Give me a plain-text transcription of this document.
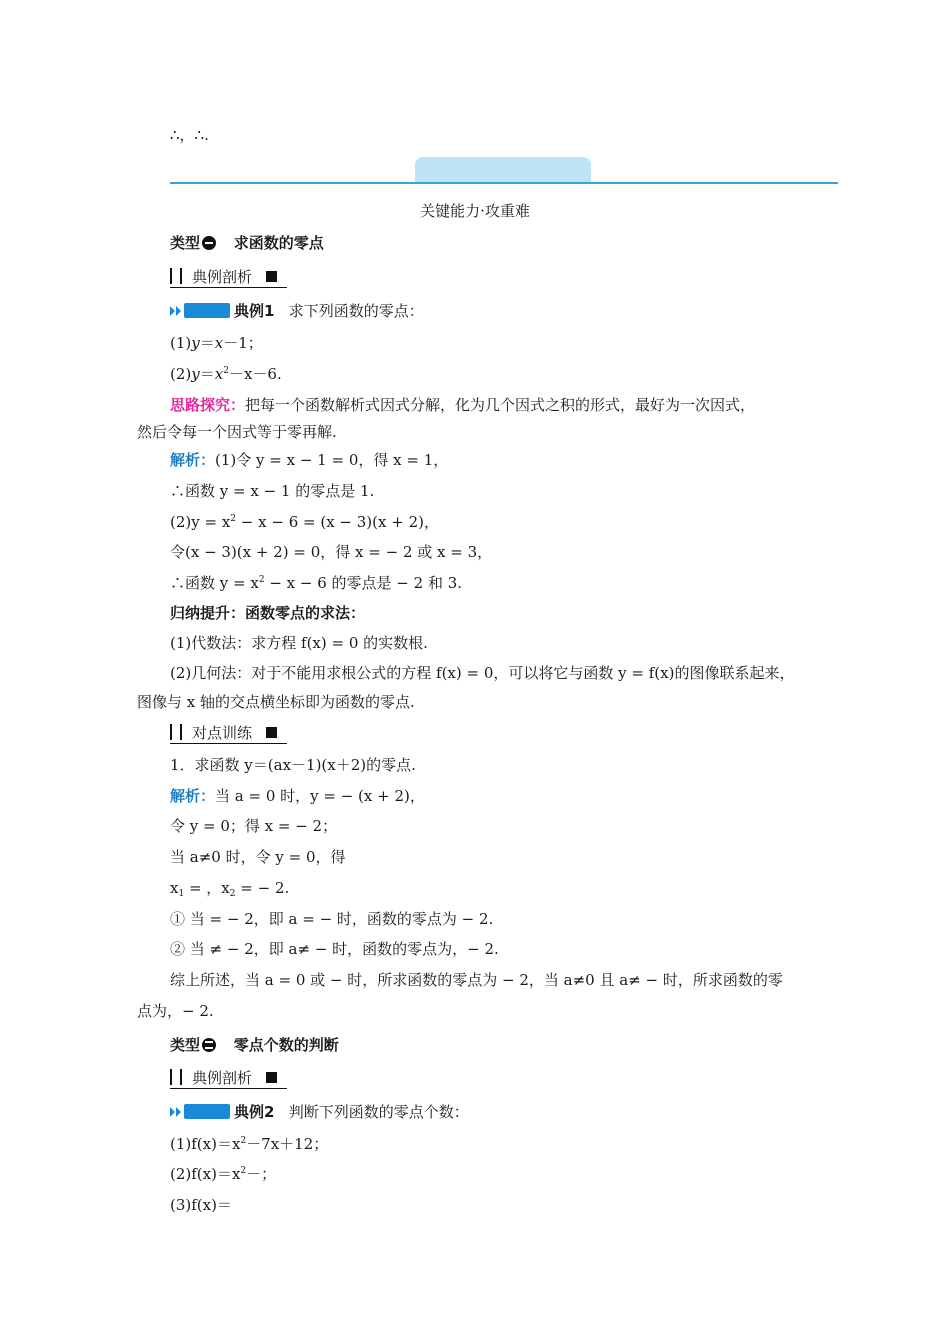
∴，∴.
关键能力·攻重难
类型 求函数的零点
典例剖析
典例1 求下列函数的零点：
(1)y＝x－1；
$(2)y=x^2-x-6$.
思路探究：把每一个函数解析式因式分解，化为几个因式之积的形式，最好为一次因式，
然后令每一个因式等于零再解.
解析：(1)令 y = x − 1 = 0，得 x = 1，
∴函数 y = x − 1 的零点是 1.
$(2)y = x^2 - x - 6 = (x - 3)(x + 2)$，
令(x − 3)(x + 2) = 0，得 x = − 2 或 x = 3，
∴函数 $y = x^2 - x - 6$ 的零点是 − 2 和 3.
归纳提升：函数零点的求法：
(1)代数法：求方程 f(x) = 0 的实数根.
(2)几何法：对于不能用求根公式的方程 f(x) = 0，可以将它与函数 y = f(x)的图像联系起来，
图像与 x 轴的交点横坐标即为函数的零点.
对点训练
1．求函数 y＝(ax－1)(x＋2)的零点.
解析：当 a = 0 时，y = − (x + 2)，
令 y = 0；得 x = − 2；
当 a≠0 时，令 y = 0，得
$x_1$ = ，$x_2$ = − 2.
① 当 = − 2，即 a = − 时，函数的零点为 − 2.
② 当 ≠ − 2，即 a≠ − 时，函数的零点为，− 2.
综上所述，当 a = 0 或 − 时，所求函数的零点为 − 2，当 a≠0 且 a≠ − 时，所求函数的零
点为，− 2.
类型 零点个数的判断
典例剖析
典例2 判断下列函数的零点个数：
$(1)f(x)=x^2-7x+12$；
$(2)f(x)=x^2-$；
(3)f(x)＝
